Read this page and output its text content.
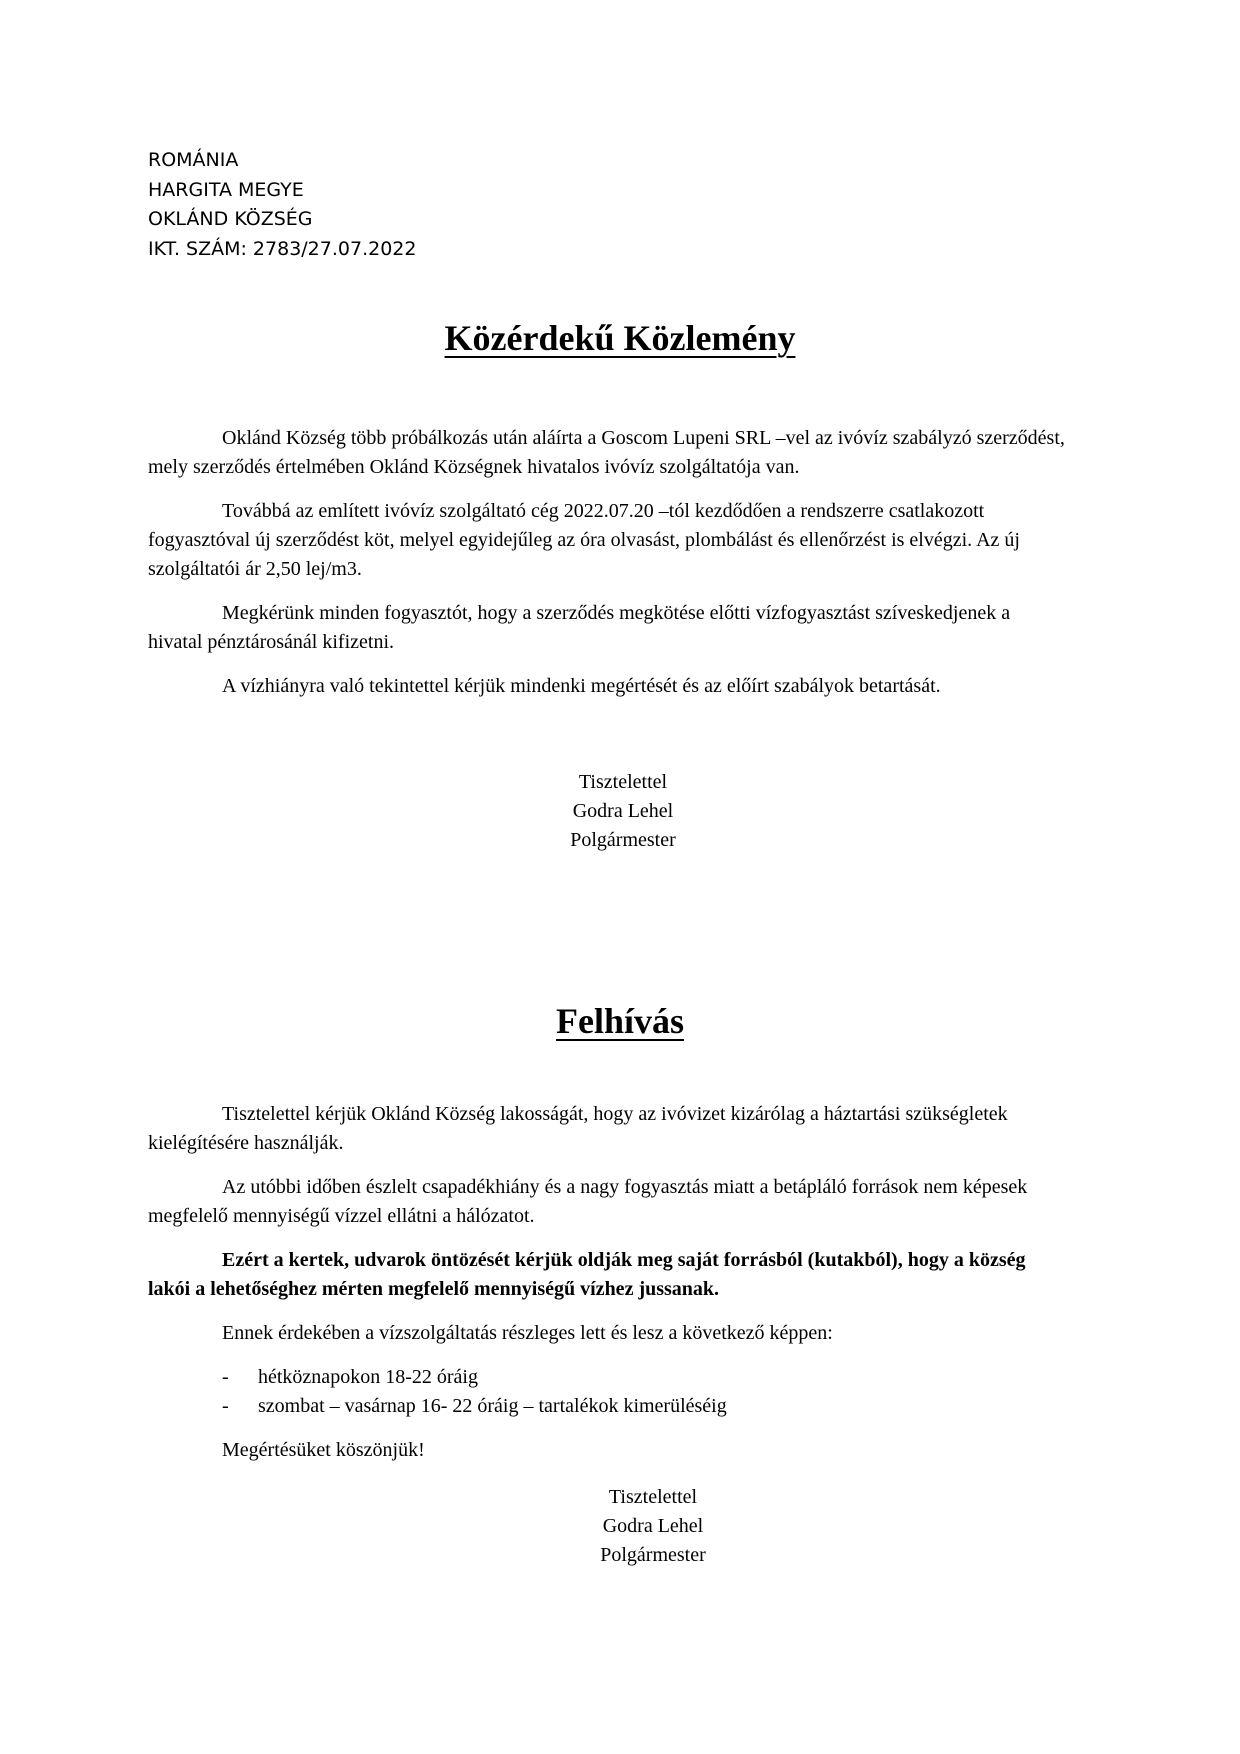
ROMÁNIA
HARGITA MEGYE
OKLÁND KÖZSÉG
IKT. SZÁM: 2783/27.07.2022
Közérdekű Közlemény

Oklánd Község több próbálkozás után aláírta a Goscom Lupeni SRL –vel az ivóvíz szabályzó szerződést, mely szerződés értelmében Oklánd Községnek hivatalos ivóvíz szolgáltatója van.

Továbbá az említett ivóvíz szolgáltató cég 2022.07.20 –tól kezdődően a rendszerre csatlakozott fogyasztóval új szerződést köt, melyel egyidejűleg az óra olvasást, plombálást és ellenőrzést is elvégzi. Az új szolgáltatói ár 2,50 lej/m3.

Megkérünk minden fogyasztót, hogy a szerződés megkötése előtti vízfogyasztást szíveskedjenek a hivatal pénztárosánál kifizetni.

A vízhiányra való tekintettel kérjük mindenki megértését és az előírt szabályok betartását.

Tisztelettel
Godra Lehel
Polgármester
Felhívás

Tisztelettel kérjük Oklánd Község lakosságát, hogy az ivóvizet kizárólag a háztartási szükségletek kielégítésére használják.

Az utóbbi időben észlelt csapadékhiány és a nagy fogyasztás miatt a betápláló források nem képesek megfelelő mennyiségű vízzel ellátni a hálózatot.

Ezért a kertek, udvarok öntözését kérjük oldják meg saját forrásból (kutakból), hogy a község lakói a lehetőséghez mérten megfelelő mennyiségű vízhez jussanak.

Ennek érdekében a vízszolgáltatás részleges lett és lesz a következő képpen:

- hétköznapokon 18-22 óráig
- szombat – vasárnap 16- 22 óráig – tartalékok kimerüléséig

Megértésüket köszönjük!

Tisztelettel
Godra Lehel
Polgármester
